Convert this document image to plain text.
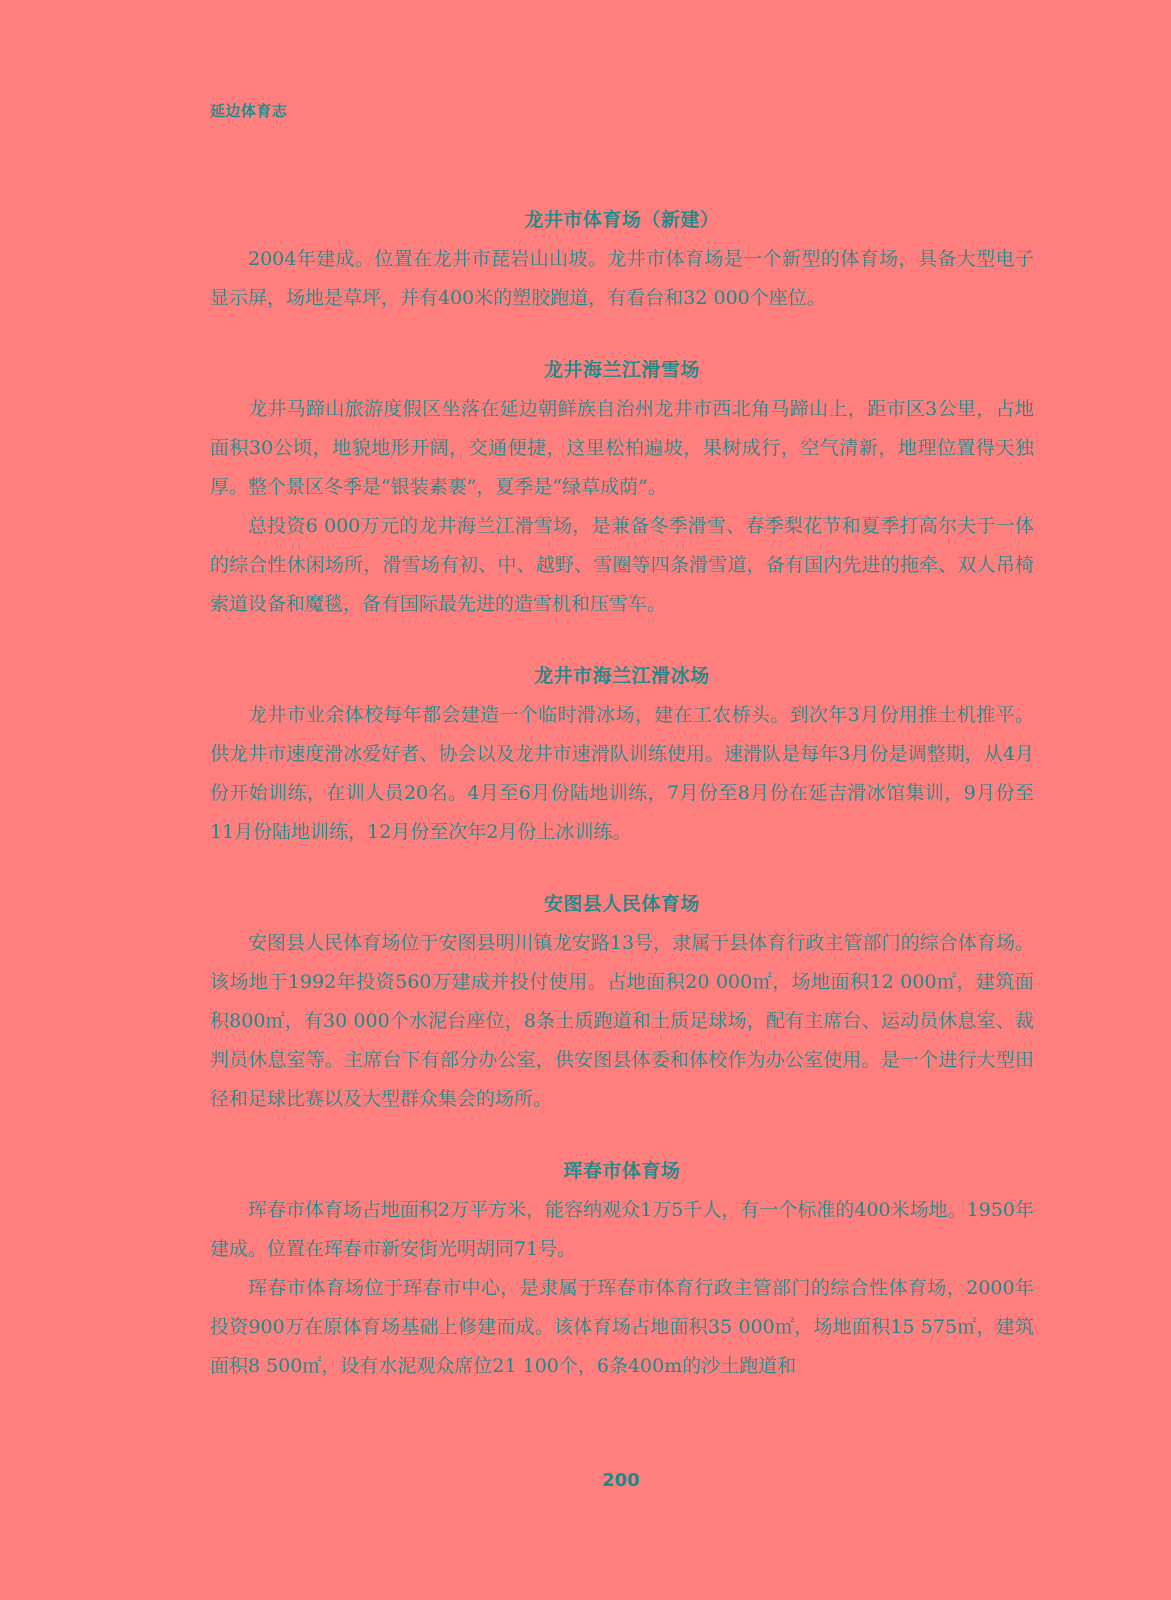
延边体育志
龙井市体育场（新建）

2004年建成。位置在龙井市琵岩山山坡。龙井市体育场是一个新型的体育场，具备大型电子显示屏，场地是草坪，并有400米的塑胶跑道，有看台和32 000个座位。

龙井海兰江滑雪场

龙井马蹄山旅游度假区坐落在延边朝鲜族自治州龙井市西北角马蹄山上，距市区3公里，占地面积30公顷，地貌地形开阔，交通便捷，这里松柏遍坡，果树成行，空气清新，地理位置得天独厚。整个景区冬季是“银装素裹”，夏季是“绿草成荫”。

总投资6 000万元的龙井海兰江滑雪场，是兼备冬季滑雪、春季梨花节和夏季打高尔夫于一体的综合性休闲场所，滑雪场有初、中、越野、雪圈等四条滑雪道，备有国内先进的拖牵、双人吊椅索道设备和魔毯，备有国际最先进的造雪机和压雪车。

龙井市海兰江滑冰场

龙井市业余体校每年都会建造一个临时滑冰场，建在工农桥头。到次年3月份用推土机推平。供龙井市速度滑冰爱好者、协会以及龙井市速滑队训练使用。速滑队是每年3月份是调整期，从4月份开始训练，在训人员20名。4月至6月份陆地训练，7月份至8月份在延吉滑冰馆集训，9月份至11月份陆地训练，12月份至次年2月份上冰训练。

安图县人民体育场

安图县人民体育场位于安图县明川镇龙安路13号，隶属于县体育行政主管部门的综合体育场。该场地于1992年投资560万建成并投付使用。占地面积20 000㎡，场地面积12 000㎡，建筑面积800㎡，有30 000个水泥台座位，8条土质跑道和土质足球场，配有主席台、运动员休息室、裁判员休息室等。主席台下有部分办公室，供安图县体委和体校作为办公室使用。是一个进行大型田径和足球比赛以及大型群众集会的场所。

珲春市体育场

珲春市体育场占地面积2万平方米，能容纳观众1万5千人，有一个标准的400米场地。1950年建成。位置在珲春市新安街光明胡同71号。

珲春市体育场位于珲春市中心，是隶属于珲春市体育行政主管部门的综合性体育场，2000年投资900万在原体育场基础上修建而成。该体育场占地面积35 000㎡，场地面积15 575㎡，建筑面积8 500㎡，设有水泥观众席位21 100个，6条400m的沙土跑道和

200
